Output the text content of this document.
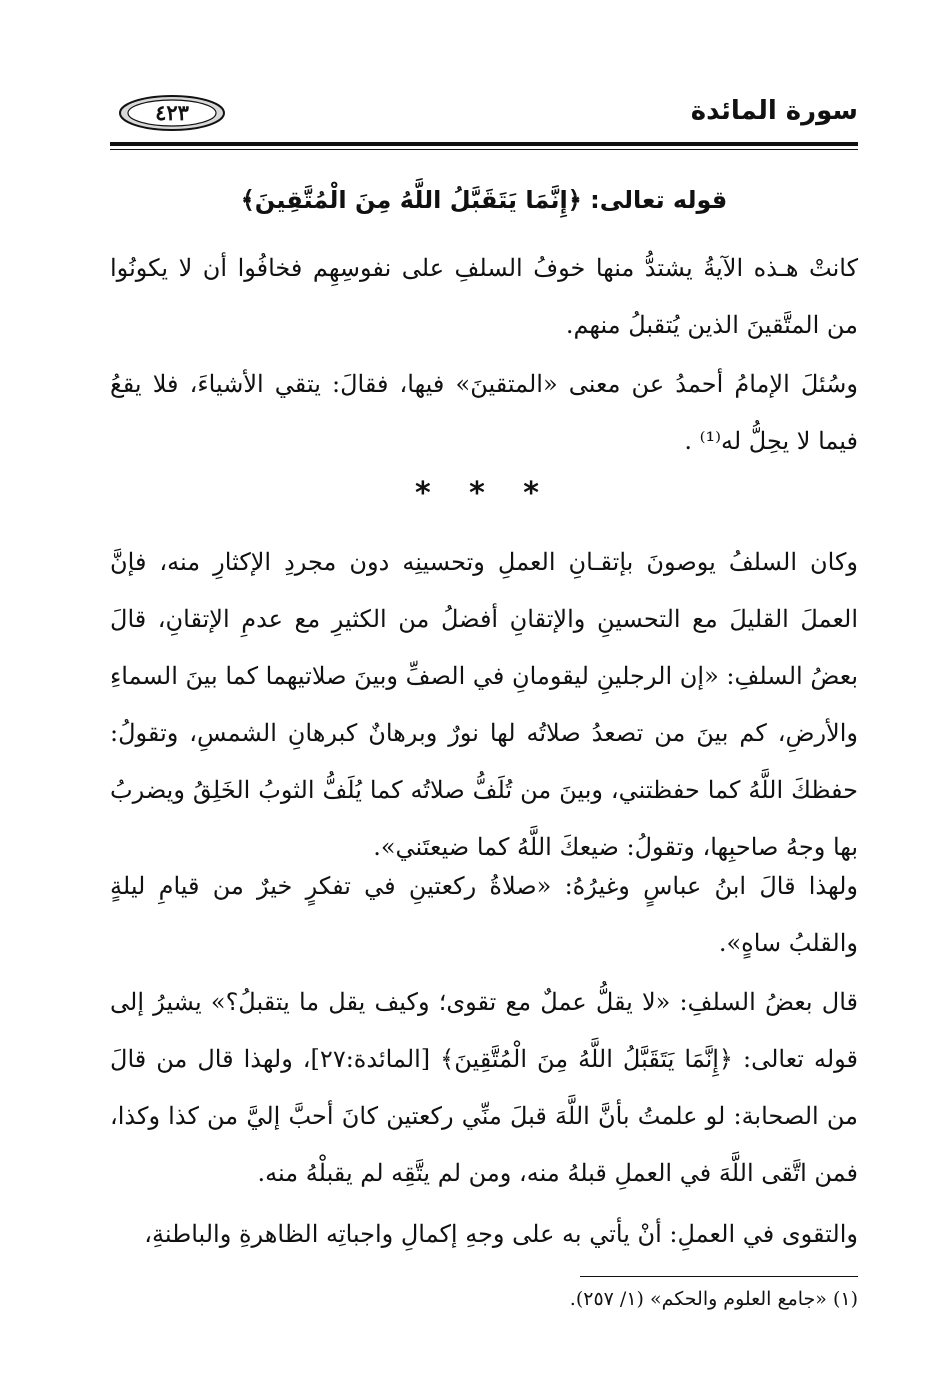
٤٢٣	سورة المائدة
قوله تعالى: ﴿إِنَّمَا يَتَقَبَّلُ اللَّهُ مِنَ الْمُتَّقِينَ﴾

كانتْ هـذه الآيةُ يشتدُّ منها خوفُ السلفِ على نفوسِهِم فخافُوا أن لا يكونُوا من المتَّقينَ الذين يُتقبلُ منهم.

وسُئلَ الإمامُ أحمدُ عن معنى «المتقينَ» فيها، فقالَ: يتقي الأشياءَ، فلا يقعُ فيما لا يحِلُّ له⁽¹⁾ .

* * *

وكان السلفُ يوصونَ بإتقـانِ العملِ وتحسينِه دون مجردِ الإكثارِ منه، فإنَّ العملَ القليلَ مع التحسينِ والإتقانِ أفضلُ من الكثيرِ مع عدمِ الإتقانِ، قالَ بعضُ السلفِ: «إن الرجلينِ ليقومانِ في الصفِّ وبينَ صلاتيهما كما بينَ السماءِ والأرضِ، كم بينَ من تصعدُ صلاتُه لها نورٌ وبرهانٌ كبرهانِ الشمسِ، وتقولُ: حفظكَ اللَّهُ كما حفظتني، وبينَ من تُلَفُّ صلاتُه كما يُلَفُّ الثوبُ الخَلِقُ ويضربُ بها وجهُ صاحبِها، وتقولُ: ضيعكَ اللَّهُ كما ضيعتَني».

ولهذا قالَ ابنُ عباسٍ وغيرُهُ: «صلاةُ ركعتينِ في تفكرٍ خيرٌ من قيامِ ليلةٍ والقلبُ ساهٍ».

قال بعضُ السلفِ: «لا يقلُّ عملٌ مع تقوى؛ وكيف يقل ما يتقبلُ؟» يشيرُ إلى قوله تعالى: ﴿إِنَّمَا يَتَقَبَّلُ اللَّهُ مِنَ الْمُتَّقِينَ﴾ [المائدة:٢٧]، ولهذا قال من قالَ من الصحابة: لو علمتُ بأنَّ اللَّهَ قبلَ منِّي ركعتين كانَ أحبَّ إليَّ من كذا وكذا، فمن اتَّقى اللَّهَ في العملِ قبلهُ منه، ومن لم يتَّقِه لم يقبلْهُ منه.

والتقوى في العملِ: أنْ يأتي به على وجهِ إكمالِ واجباتِه الظاهرةِ والباطنةِ،

(١) «جامع العلوم والحكم» (١/ ٢٥٧).
